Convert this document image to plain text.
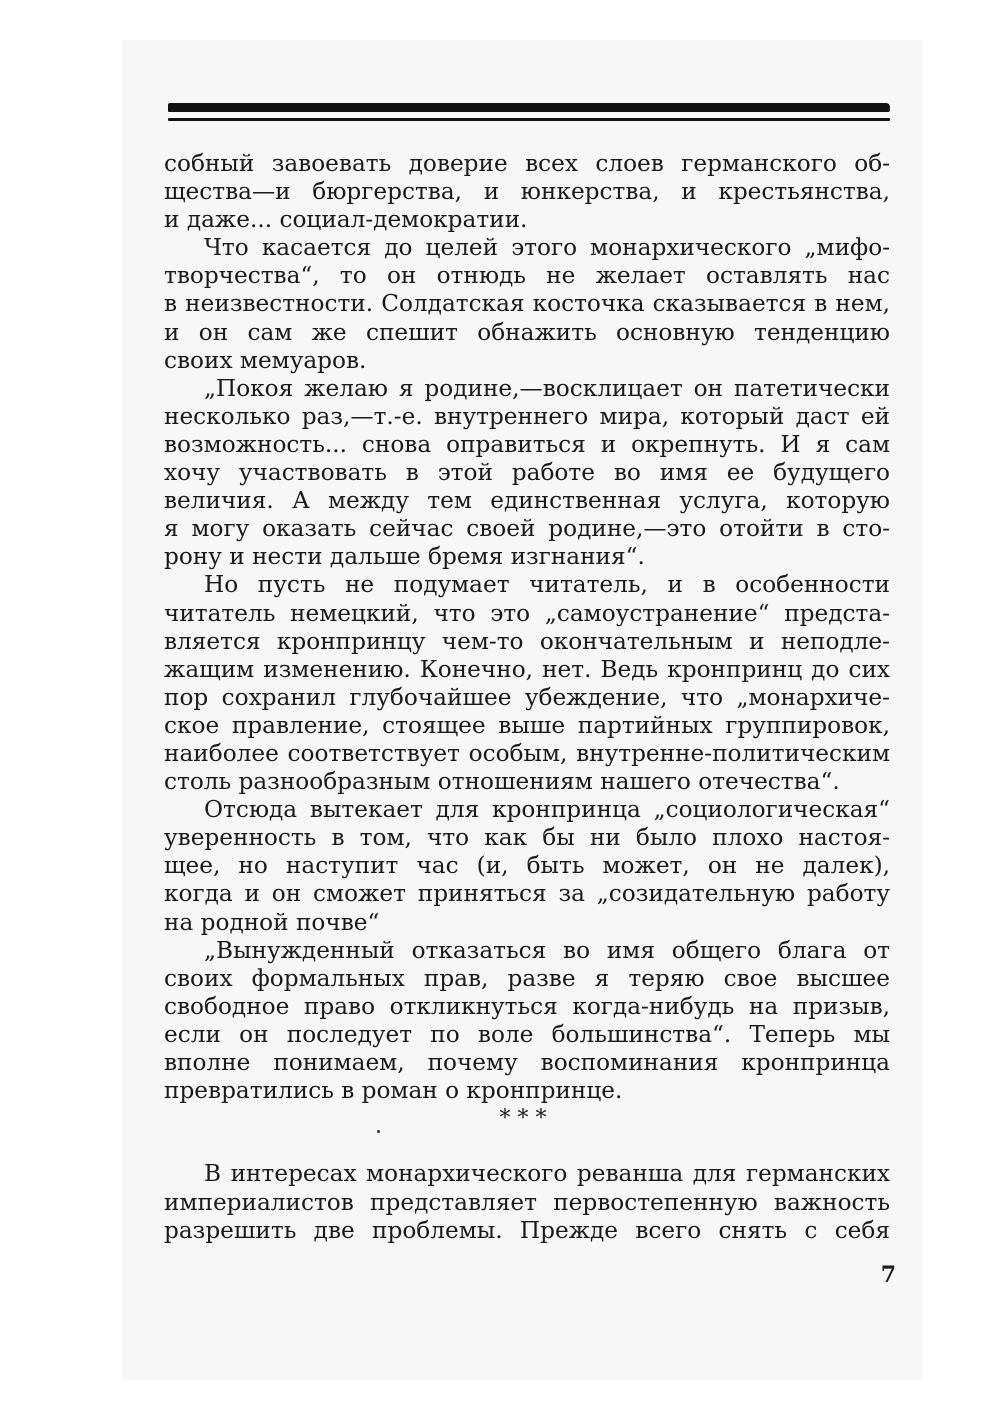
собный завоевать доверие всех слоев германского об-
щества—и бюргерства, и юнкерства, и крестьянства,
и даже... социал-демократии.
Что касается до целей этого монархического „мифо-
творчества“, то он отнюдь не желает оставлять нас
в неизвестности. Солдатская косточка сказывается в нем,
и он сам же спешит обнажить основную тенденцию
своих мемуаров.
„Покоя желаю я родине,—восклицает он патетически
несколько раз,—т.-е. внутреннего мира, который даст ей
возможность... снова оправиться и окрепнуть. И я сам
хочу участвовать в этой работе во имя ее будущего
величия. А между тем единственная услуга, которую
я могу оказать сейчас своей родине,—это отойти в сто-
рону и нести дальше бремя изгнания“.
Но пусть не подумает читатель, и в особенности
читатель немецкий, что это „самоустранение“ предста-
вляется кронпринцу чем-то окончательным и неподле-
жащим изменению. Конечно, нет. Ведь кронпринц до сих
пор сохранил глубочайшее убеждение, что „монархиче-
ское правление, стоящее выше партийных группировок,
наиболее соответствует особым, внутренне-политическим
столь разнообразным отношениям нашего отечества“.
Отсюда вытекает для кронпринца „социологическая“
уверенность в том, что как бы ни было плохо настоя-
щее, но наступит час (и, быть может, он не далек),
когда и он сможет приняться за „созидательную работу
на родной почве“
„Вынужденный отказаться во имя общего блага от
своих формальных прав, разве я теряю свое высшее
свободное право откликнуться когда-нибудь на призыв,
если он последует по воле большинства“. Теперь мы
вполне понимаем, почему воспоминания кронпринца
превратились в роман о кронпринце.
* * *
В интересах монархического реванша для германских
империалистов представляет первостепенную важность
разрешить две проблемы. Прежде всего снять с себя
7
